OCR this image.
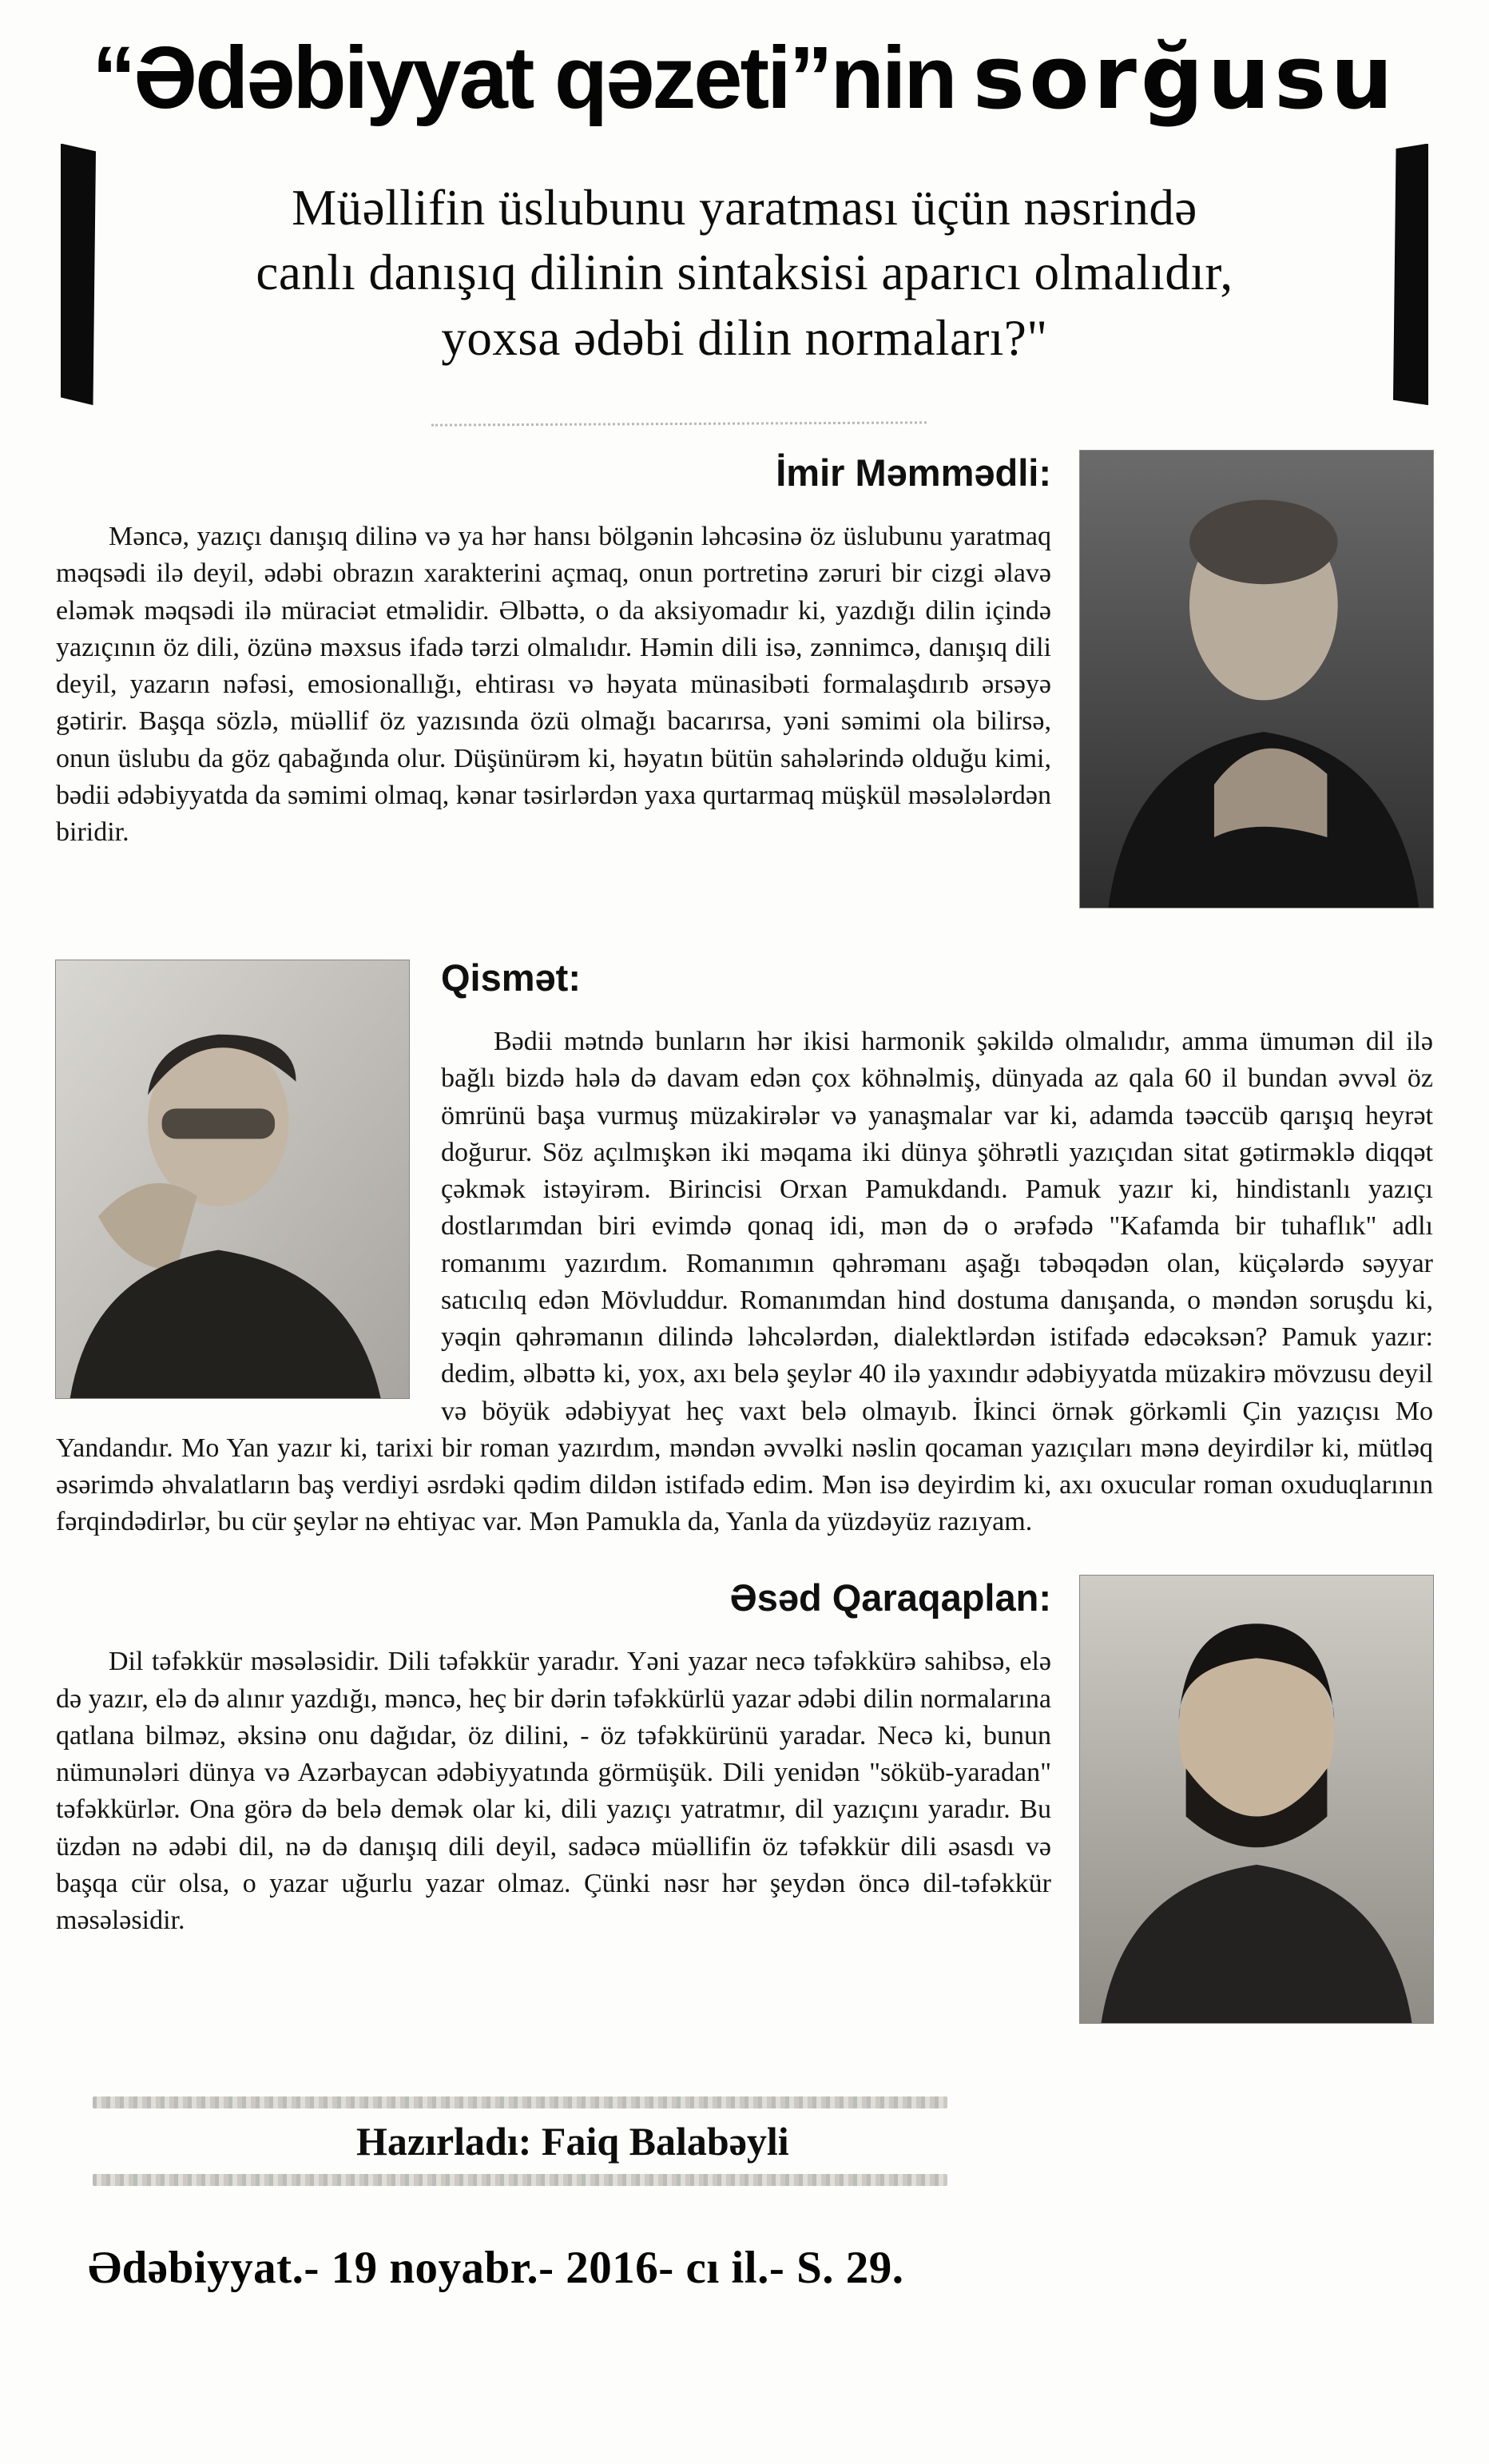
“Ədəbiyyat qəzeti”nin sorğusu
Müəllifin üslubunu yaratması üçün nəsrində
canlı danışıq dilinin sintaksisi aparıcı olmalıdır,
yoxsa ədəbi dilin normaları?"
İmir Məmmədli:

Məncə, yazıçı danışıq dilinə və ya hər hansı bölgənin ləhcəsinə öz üslubunu yaratmaq məqsədi ilə deyil, ədəbi obrazın xarakterini açmaq, onun portretinə zəruri bir cizgi əlavə eləmək məqsədi ilə müraciət etməlidir. Əlbəttə, o da aksiyomadır ki, yazdığı dilin içində yazıçının öz dili, özünə məxsus ifadə tərzi olmalıdır. Həmin dili isə, zənnimcə, danışıq dili deyil, yazarın nəfəsi, emosionallığı, ehtirası və həyata münasibəti formalaşdırıb ərsəyə gətirir. Başqa sözlə, müəllif öz yazısında özü olmağı bacarırsa, yəni səmimi ola bilirsə, onun üslubu da göz qabağında olur. Düşünürəm ki, həyatın bütün sahələrində olduğu kimi, bədii ədəbiyyatda da səmimi olmaq, kənar təsirlərdən yaxa qurtarmaq müşkül məsələlərdən biridir.

Qismət:

Bədii mətndə bunların hər ikisi harmonik şəkildə olmalıdır, amma ümumən dil ilə bağlı bizdə hələ də davam edən çox köhnəlmiş, dünyada az qala 60 il bundan əvvəl öz ömrünü başa vurmuş müzakirələr və yanaşmalar var ki, adamda təəccüb qarışıq heyrət doğurur. Söz açılmışkən iki məqama iki dünya şöhrətli yazıçıdan sitat gətirməklə diqqət çəkmək istəyirəm. Birincisi Orxan Pamukdandı. Pamuk yazır ki, hindistanlı yazıçı dostlarımdan biri evimdə qonaq idi, mən də o ərəfədə "Kafamda bir tuhaflık" adlı romanımı yazırdım. Romanımın qəhrəmanı aşağı təbəqədən olan, küçələrdə səyyar satıcılıq edən Mövluddur. Romanımdan hind dostuma danışanda, o məndən soruşdu ki, yəqin qəhrəmanın dilində ləhcələrdən, dialektlərdən istifadə edəcəksən? Pamuk yazır: dedim, əlbəttə ki, yox, axı belə şeylər 40 ilə yaxındır ədəbiyyatda müzakirə mövzusu deyil və böyük ədəbiyyat heç vaxt belə olmayıb. İkinci örnək görkəmli Çin yazıçısı Mo Yandandır. Mo Yan yazır ki, tarixi bir roman yazırdım, məndən əvvəlki nəslin qocaman yazıçıları mənə deyirdilər ki, mütləq əsərimdə əhvalatların baş verdiyi əsrdəki qədim dildən istifadə edim. Mən isə deyirdim ki, axı oxucular roman oxuduqlarının fərqindədirlər, bu cür şeylər nə ehtiyac var. Mən Pamukla da, Yanla da yüzdəyüz razıyam.

Əsəd Qaraqaplan:

Dil təfəkkür məsələsidir. Dili təfəkkür yaradır. Yəni yazar necə təfəkkürə sahibsə, elə də yazır, elə də alınır yazdığı, məncə, heç bir dərin təfəkkürlü yazar ədəbi dilin normalarına qatlana bilməz, əksinə onu dağıdar, öz dilini, - öz təfəkkürünü yaradar. Necə ki, bunun nümunələri dünya və Azərbaycan ədəbiyyatında görmüşük. Dili yenidən "söküb-yaradan" təfəkkürlər. Ona görə də belə demək olar ki, dili yazıçı yatratmır, dil yazıçını yaradır. Bu üzdən nə ədəbi dil, nə də danışıq dili deyil, sadəcə müəllifin öz təfəkkür dili əsasdı və başqa cür olsa, o yazar uğurlu yazar olmaz. Çünki nəsr hər şeydən öncə dil-təfəkkür məsələsidir.

Hazırladı: Faiq Balabəyli
Ədəbiyyat.- 19 noyabr.- 2016- cı il.- S. 29.
